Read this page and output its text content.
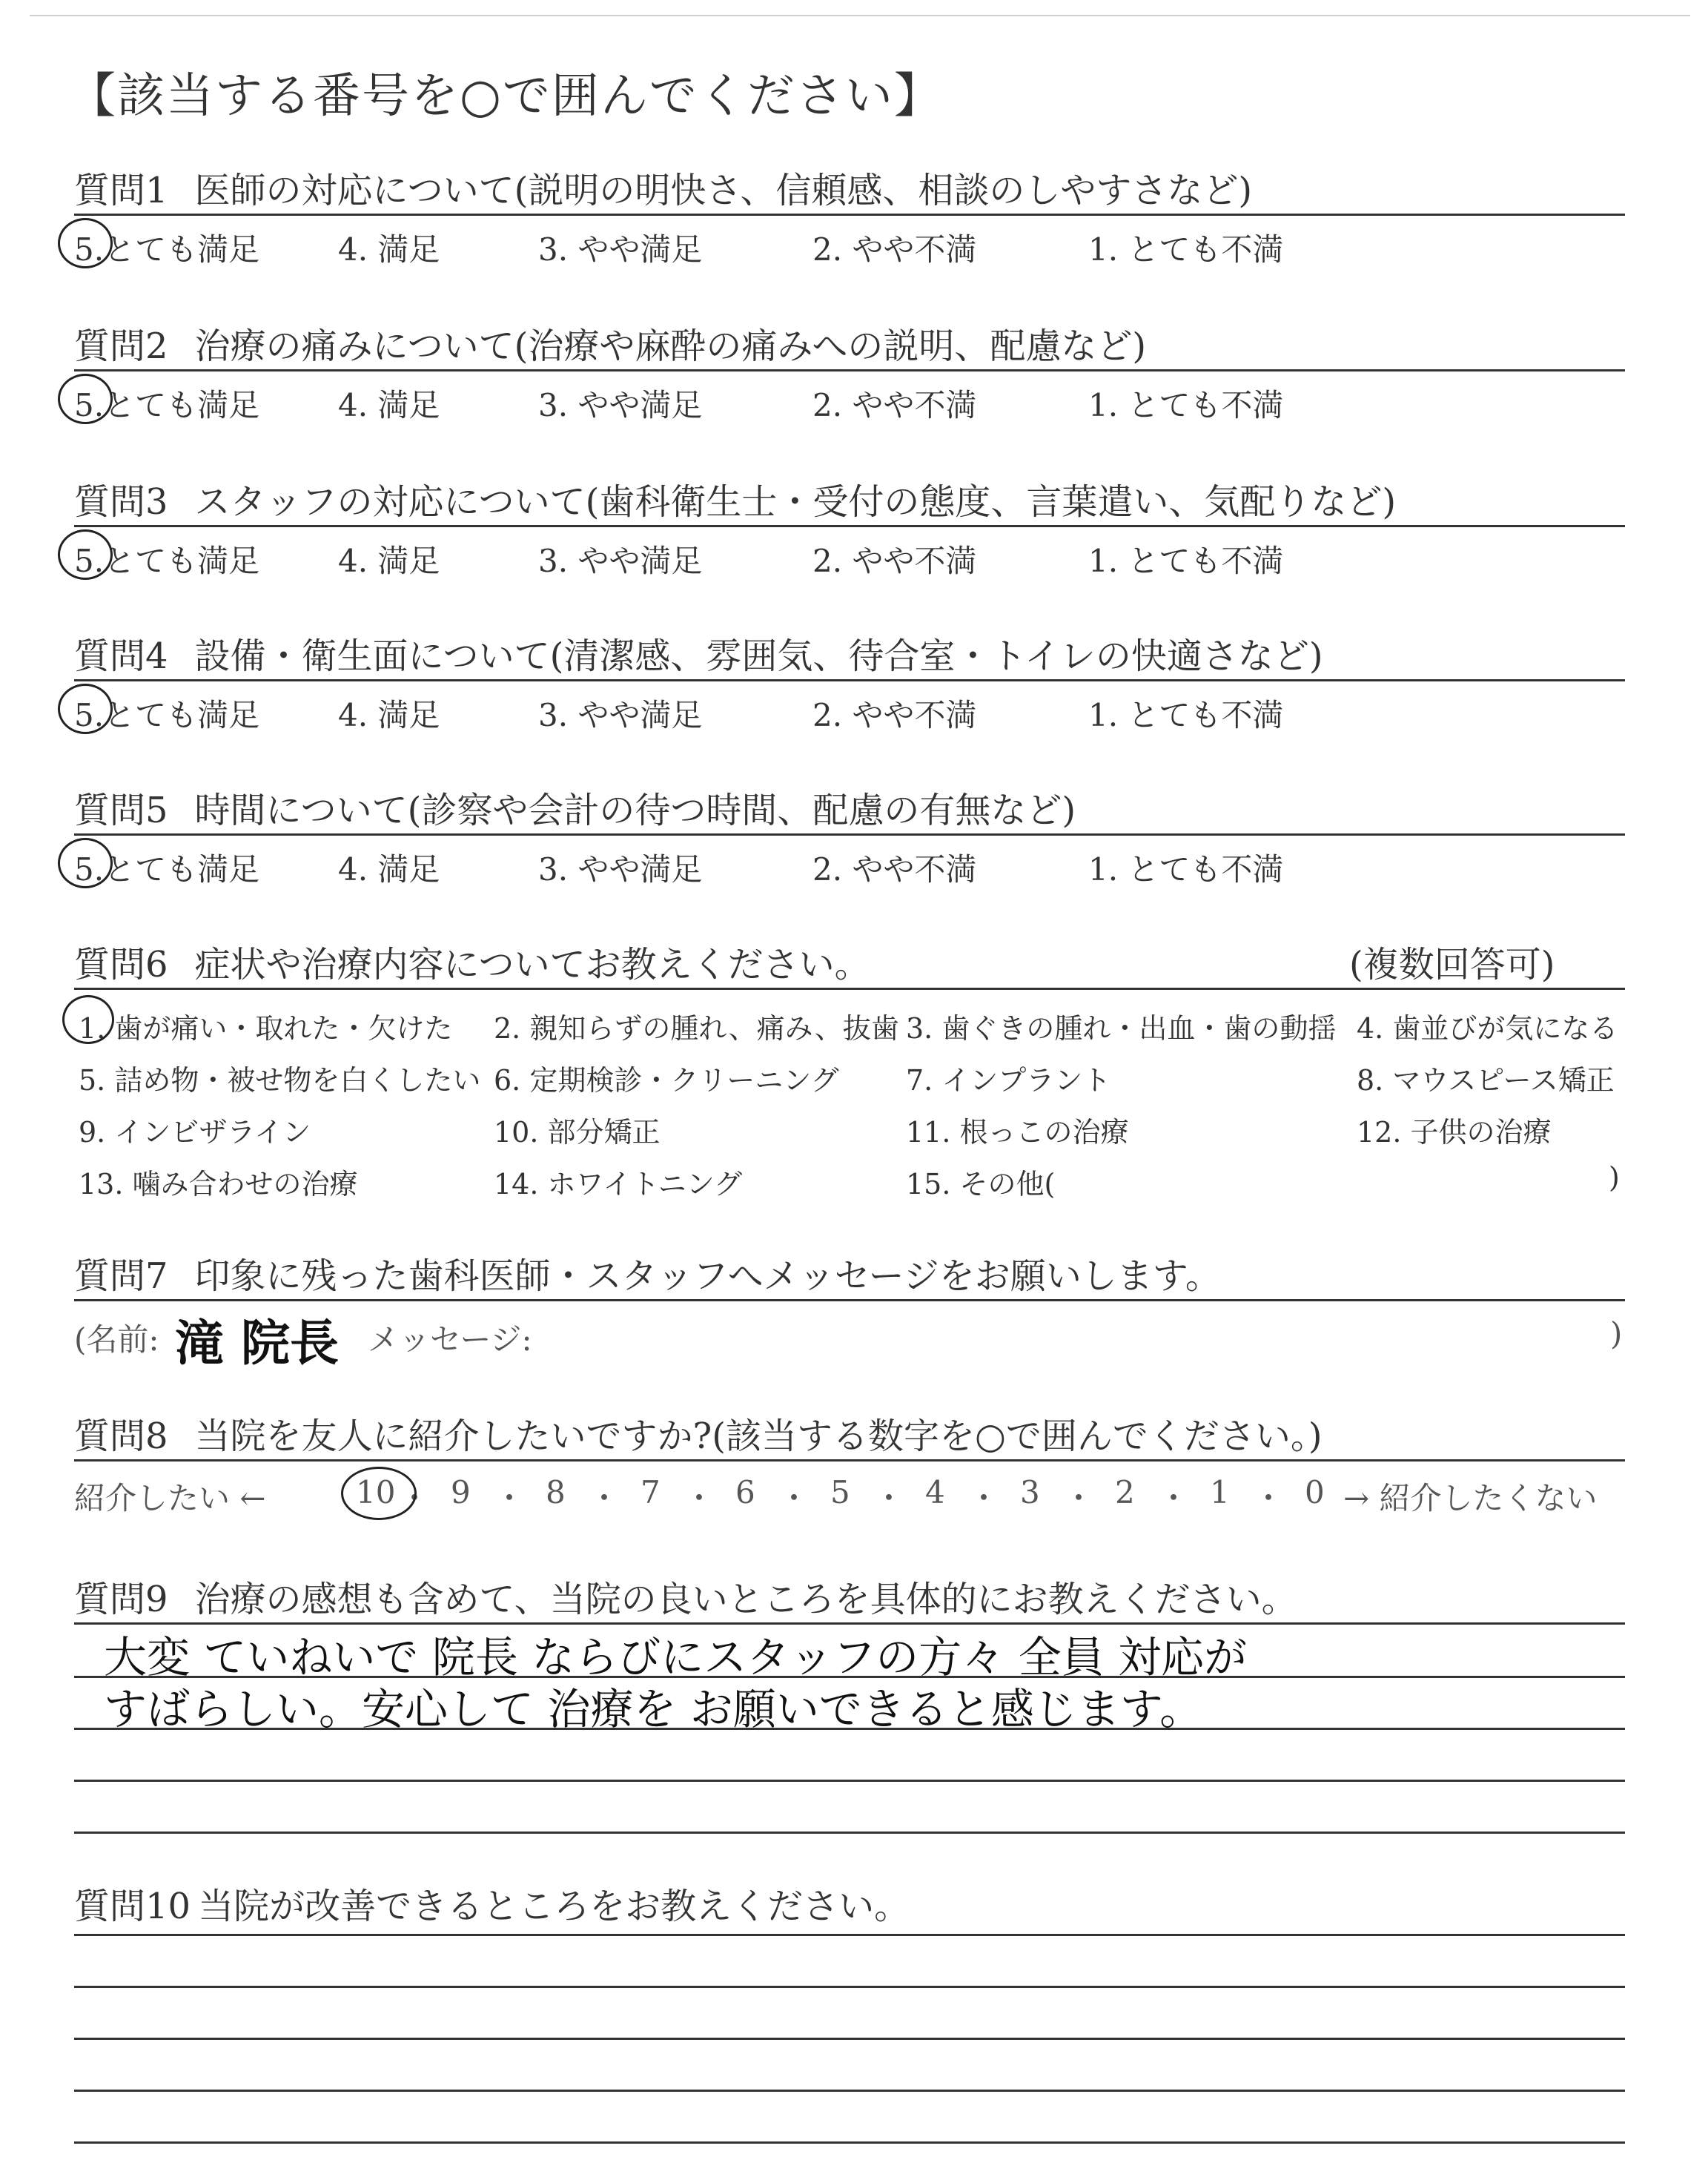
【該当する番号を○で囲んでください】
質問1 医師の対応について(説明の明快さ、信頼感、相談のしやすさなど)
5.とても満足	4. 満足	3. やや満足	2. やや不満	1. とても不満
質問2 治療の痛みについて(治療や麻酔の痛みへの説明、配慮など)
5.とても満足	4. 満足	3. やや満足	2. やや不満	1. とても不満
質問3 スタッフの対応について(歯科衛生士・受付の態度、言葉遣い、気配りなど)
5.とても満足	4. 満足	3. やや満足	2. やや不満	1. とても不満
質問4 設備・衛生面について(清潔感、雰囲気、待合室・トイレの快適さなど)
5.とても満足	4. 満足	3. やや満足	2. やや不満	1. とても不満
質問5 時間について(診察や会計の待つ時間、配慮の有無など)
5.とても満足	4. 満足	3. やや満足	2. やや不満	1. とても不満
質問6 症状や治療内容についてお教えください。	(複数回答可)
1. 歯が痛い・取れた・欠けた 2. 親知らずの腫れ、痛み、抜歯 3. 歯ぐきの腫れ・出血・歯の動揺 4. 歯並びが気になる
5. 詰め物・被せ物を白くしたい 6. 定期検診・クリーニング 7. インプラント	8. マウスピース矯正
9. インビザライン	10. 部分矯正	11. 根っこの治療	12. 子供の治療
13. 噛み合わせの治療	14. ホワイトニング	15. その他(	)
質問7 印象に残った歯科医師・スタッフへメッセージをお願いします。
(名前: 滝 院長 メッセージ:	)
質問8 当院を友人に紹介したいですか?(該当する数字を○で囲んでください。)
紹介したい ←	→ 紹介したくない
10 ・ 9 ・ 8 ・ 7 ・ 6 ・ 5 ・ 4 ・ 3 ・ 2 ・ 1 ・ 0
質問9 治療の感想も含めて、当院の良いところを具体的にお教えください。
大変 ていねいで 院長 ならびにスタッフの方々 全員 対応が
すばらしい。安心して 治療を お願いできると感じます。
質問10 当院が改善できるところをお教えください。
